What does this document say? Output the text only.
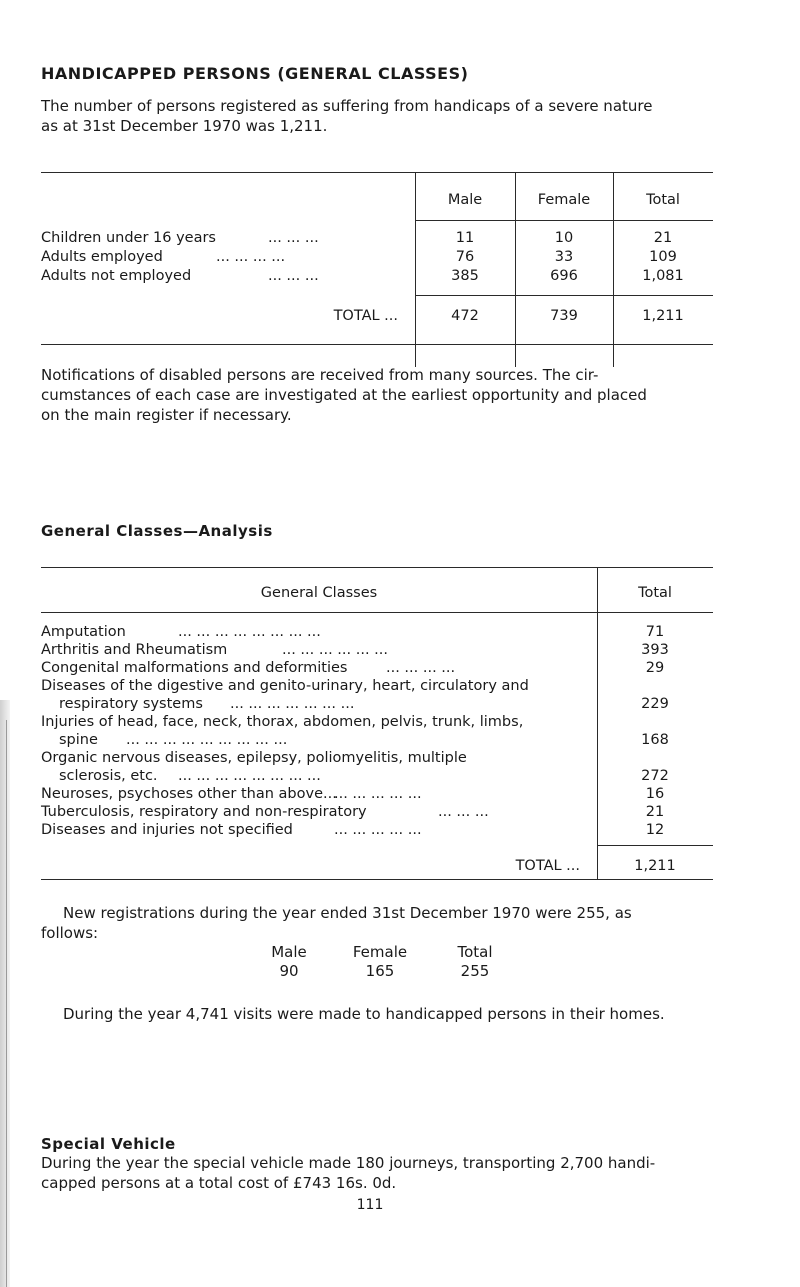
HANDICAPPED PERSONS (GENERAL CLASSES)

The number of persons registered as suffering from handicaps of a severe nature

as at 31st December 1970 was 1,211.

Male	Female	Total
Children under 16 years	... ... ...	11	10	21
Adults employed	... ... ... ...	76	33	109
Adults not employed	... ... ...	385	696	1,081
TOTAL ...	472	739	1,211

Notifications of disabled persons are received from many sources. The cir-

cumstances of each case are investigated at the earliest opportunity and placed

on the main register if necessary.

General Classes—Analysis
General Classes	Total
Amputation	... ... ... ... ... ... ... ...	71
Arthritis and Rheumatism	... ... ... ... ... ...	393
Congenital malformations and deformities	... ... ... ...	29
Diseases of the digestive and genito-urinary, heart, circulatory and
respiratory systems ... ... ... ... ... ... ...	229
Injuries of head, face, neck, thorax, abdomen, pelvis, trunk, limbs,
spine ... ... ... ... ... ... ... ... ...	168
Organic nervous diseases, epilepsy, poliomyelitis, multiple
sclerosis, etc. ... ... ... ... ... ... ... ...	272
Neuroses, psychoses other than above...
... ... ... ... ...	16
Tuberculosis, respiratory and non-respiratory	... ... ...	21
Diseases and injuries not specified	... ... ... ... ...	12
TOTAL ...	1,211

New registrations during the year ended 31st December 1970 were 255, as

follows:

Male	Female	Total
90	165	255

During the year 4,741 visits were made to handicapped persons in their homes.

Special Vehicle

During the year the special vehicle made 180 journeys, transporting 2,700 handi-

capped persons at a total cost of £743 16s. 0d.

111
